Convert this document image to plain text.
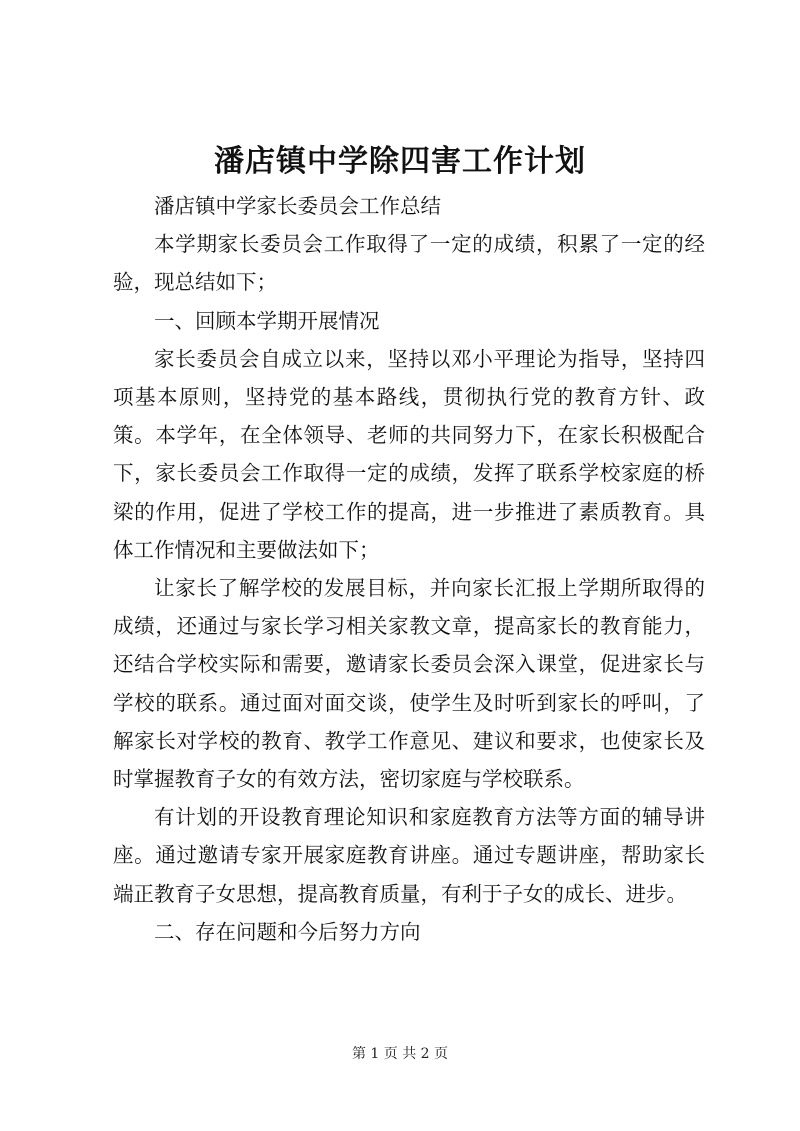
潘店镇中学除四害工作计划

潘店镇中学家长委员会工作总结

本学期家长委员会工作取得了一定的成绩，积累了一定的经验，现总结如下；

一、回顾本学期开展情况

家长委员会自成立以来，坚持以邓小平理论为指导，坚持四项基本原则，坚持党的基本路线，贯彻执行党的教育方针、政策。本学年，在全体领导、老师的共同努力下，在家长积极配合下，家长委员会工作取得一定的成绩，发挥了联系学校家庭的桥梁的作用，促进了学校工作的提高，进一步推进了素质教育。具体工作情况和主要做法如下；

让家长了解学校的发展目标，并向家长汇报上学期所取得的成绩，还通过与家长学习相关家教文章，提高家长的教育能力，还结合学校实际和需要，邀请家长委员会深入课堂，促进家长与学校的联系。通过面对面交谈，使学生及时听到家长的呼叫，了解家长对学校的教育、教学工作意见、建议和要求，也使家长及时掌握教育子女的有效方法，密切家庭与学校联系。

有计划的开设教育理论知识和家庭教育方法等方面的辅导讲座。通过邀请专家开展家庭教育讲座。通过专题讲座，帮助家长端正教育子女思想，提高教育质量，有利于子女的成长、进步。

二、存在问题和今后努力方向

第 1 页 共 2 页
